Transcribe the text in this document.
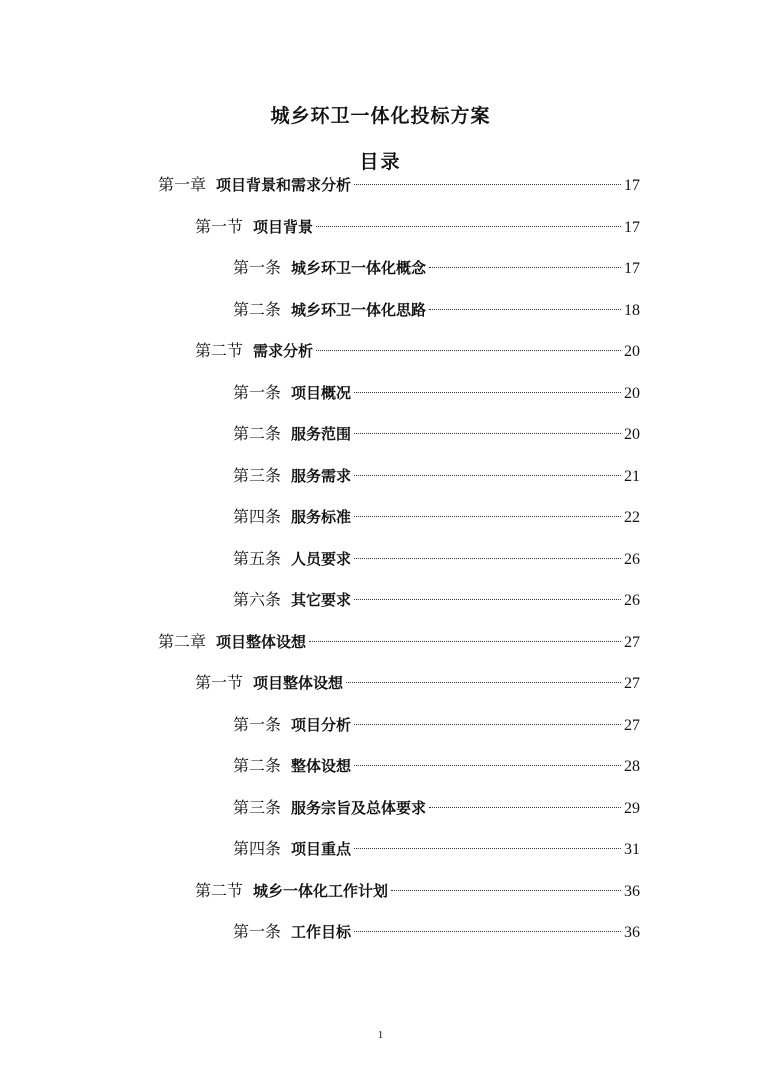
城乡环卫一体化投标方案
目录
第一章 项目背景和需求分析	17
第一节 项目背景	17
第一条 城乡环卫一体化概念	17
第二条 城乡环卫一体化思路	18
第二节 需求分析	20
第一条 项目概况	20
第二条 服务范围	20
第三条 服务需求	21
第四条 服务标准	22
第五条 人员要求	26
第六条 其它要求	26
第二章 项目整体设想	27
第一节 项目整体设想	27
第一条 项目分析	27
第二条 整体设想	28
第三条 服务宗旨及总体要求	29
第四条 项目重点	31
第二节 城乡一体化工作计划	36
第一条 工作目标	36
1
